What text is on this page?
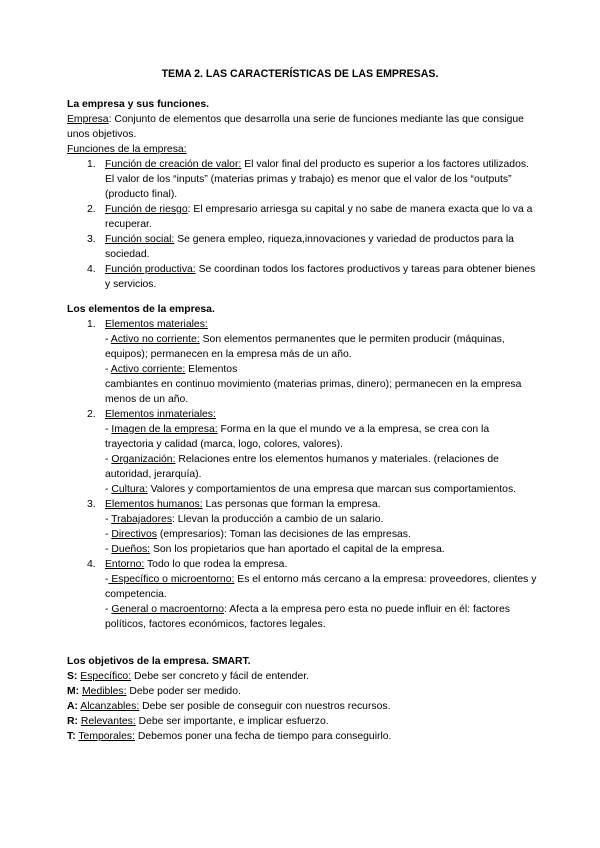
TEMA 2. LAS CARACTERÍSTICAS DE LAS EMPRESAS.

La empresa y sus funciones.

Empresa: Conjunto de elementos que desarrolla una serie de funciones mediante las que consigue unos objetivos.

Funciones de la empresa:

1. Función de creación de valor: El valor final del producto es superior a los factores utilizados. El valor de los “inputs” (materias primas y trabajo) es menor que el valor de los “outputs” (producto final).
2. Función de riesgo: El empresario arriesga su capital y no sabe de manera exacta que lo va a recuperar.
3. Función social: Se genera empleo, riqueza,innovaciones y variedad de productos para la sociedad.
4. Función productiva: Se coordinan todos los factores productivos y tareas para obtener bienes y servicios.

Los elementos de la empresa.

1. Elementos materiales:

- Activo no corriente: Son elementos permanentes que le permiten producir (máquinas, equipos); permanecen en la empresa más de un año.

- Activo corriente: Elementos

cambiantes en continuo movimiento (materias primas, dinero); permanecen en la empresa menos de un año.

2. Elementos inmateriales:

- Imagen de la empresa: Forma en la que el mundo ve a la empresa, se crea con la trayectoria y calidad (marca, logo, colores, valores).

- Organización: Relaciones entre los elementos humanos y materiales. (relaciones de autoridad, jerarquía).

- Cultura: Valores y comportamientos de una empresa que marcan sus comportamientos.

3. Elementos humanos: Las personas que forman la empresa.

- Trabajadores: Llevan la producción a cambio de un salario.

- Directivos (empresarios): Toman las decisiones de las empresas.

- Dueños: Son los propietarios que han aportado el capital de la empresa.

4. Entorno: Todo lo que rodea la empresa.

- Específico o microentorno: Es el entorno más cercano a la empresa: proveedores, clientes y competencia.

- General o macroentorno: Afecta a la empresa pero esta no puede influir en él: factores políticos, factores económicos, factores legales.

Los objetivos de la empresa. SMART.

S: Específico: Debe ser concreto y fácil de entender.

M: Medibles: Debe poder ser medido.

A: Alcanzables: Debe ser posible de conseguir con nuestros recursos.

R: Relevantes: Debe ser importante, e implicar esfuerzo.

T: Temporales: Debemos poner una fecha de tiempo para conseguirlo.
